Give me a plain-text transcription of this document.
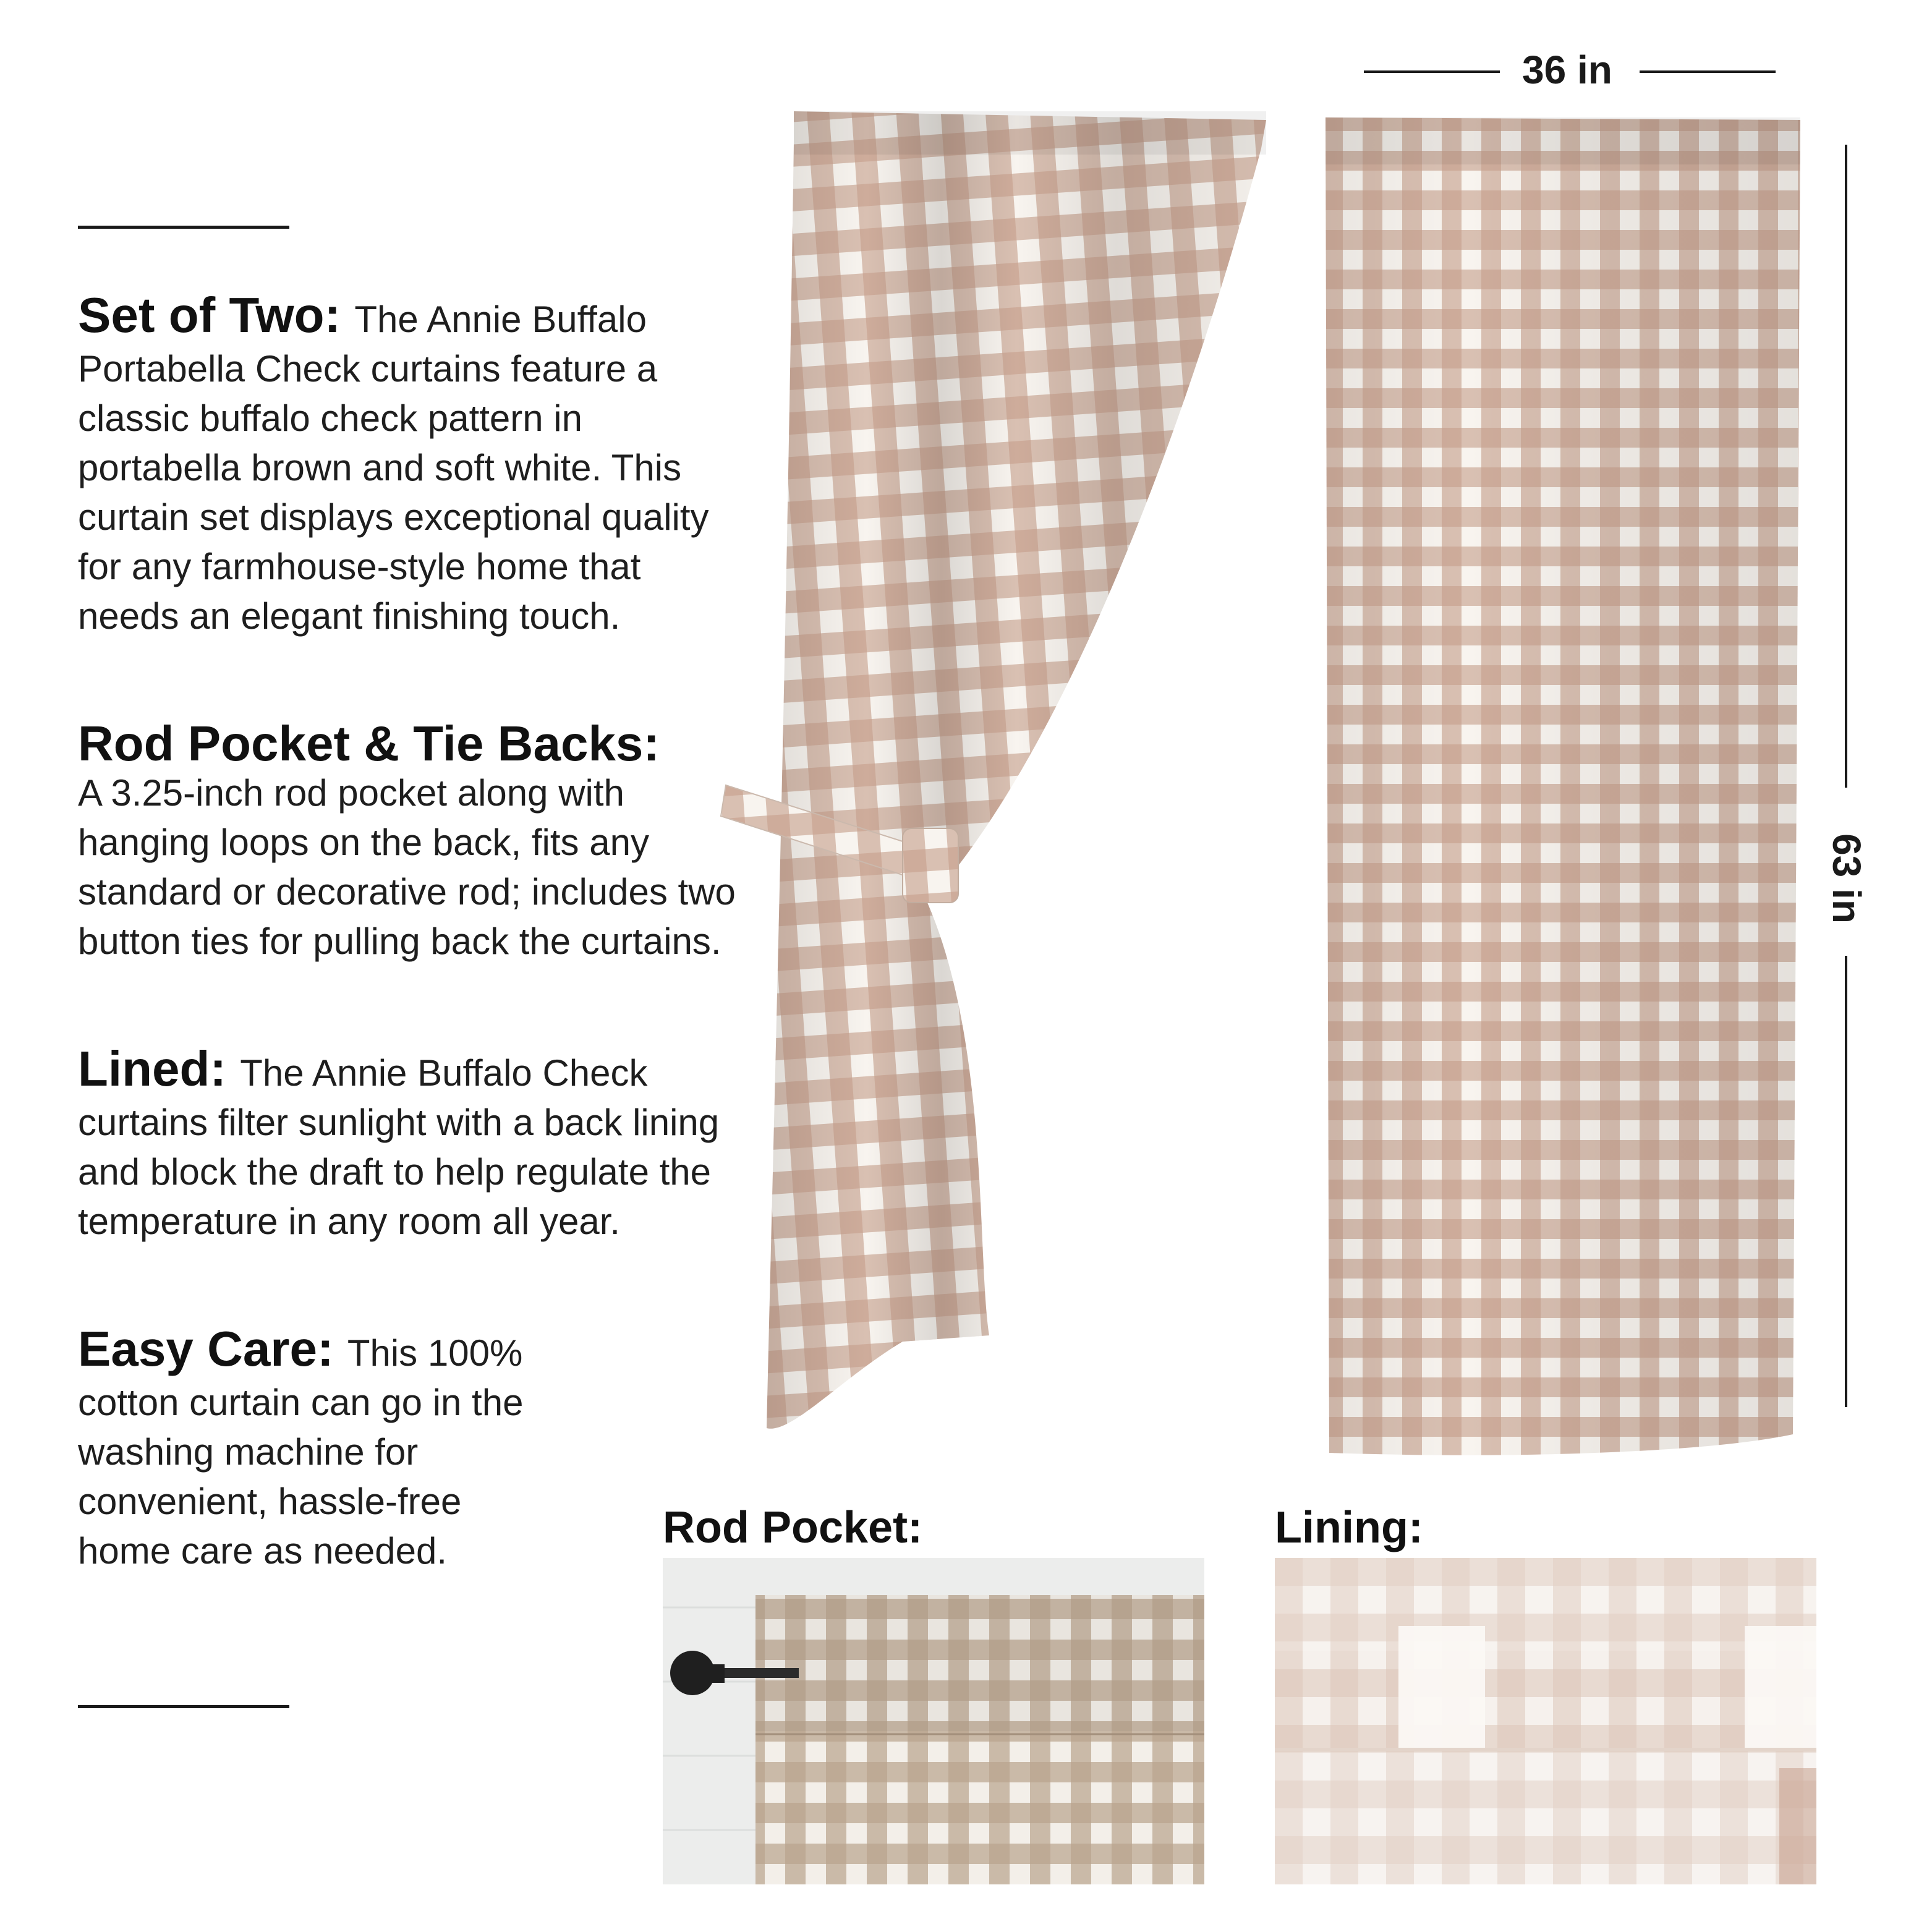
Set of Two: The Annie Buffalo Portabella Check curtains feature a classic buffalo check pattern in portabella brown and soft white. This curtain set displays exceptional quality for any farmhouse-style home that needs an elegant finishing touch.

Rod Pocket & Tie Backs:
A 3.25-inch rod pocket along with hanging loops on the back, fits any standard or decorative rod; includes two button ties for pulling back the curtains.

Lined: The Annie Buffalo Check curtains filter sunlight with a back lining and block the draft to help regulate the temperature in any room all year.

Easy Care: This 100% cotton curtain can go in the washing machine for convenient, hassle-free home care as needed.

36 in
63 in
Rod Pocket:	Lining:
